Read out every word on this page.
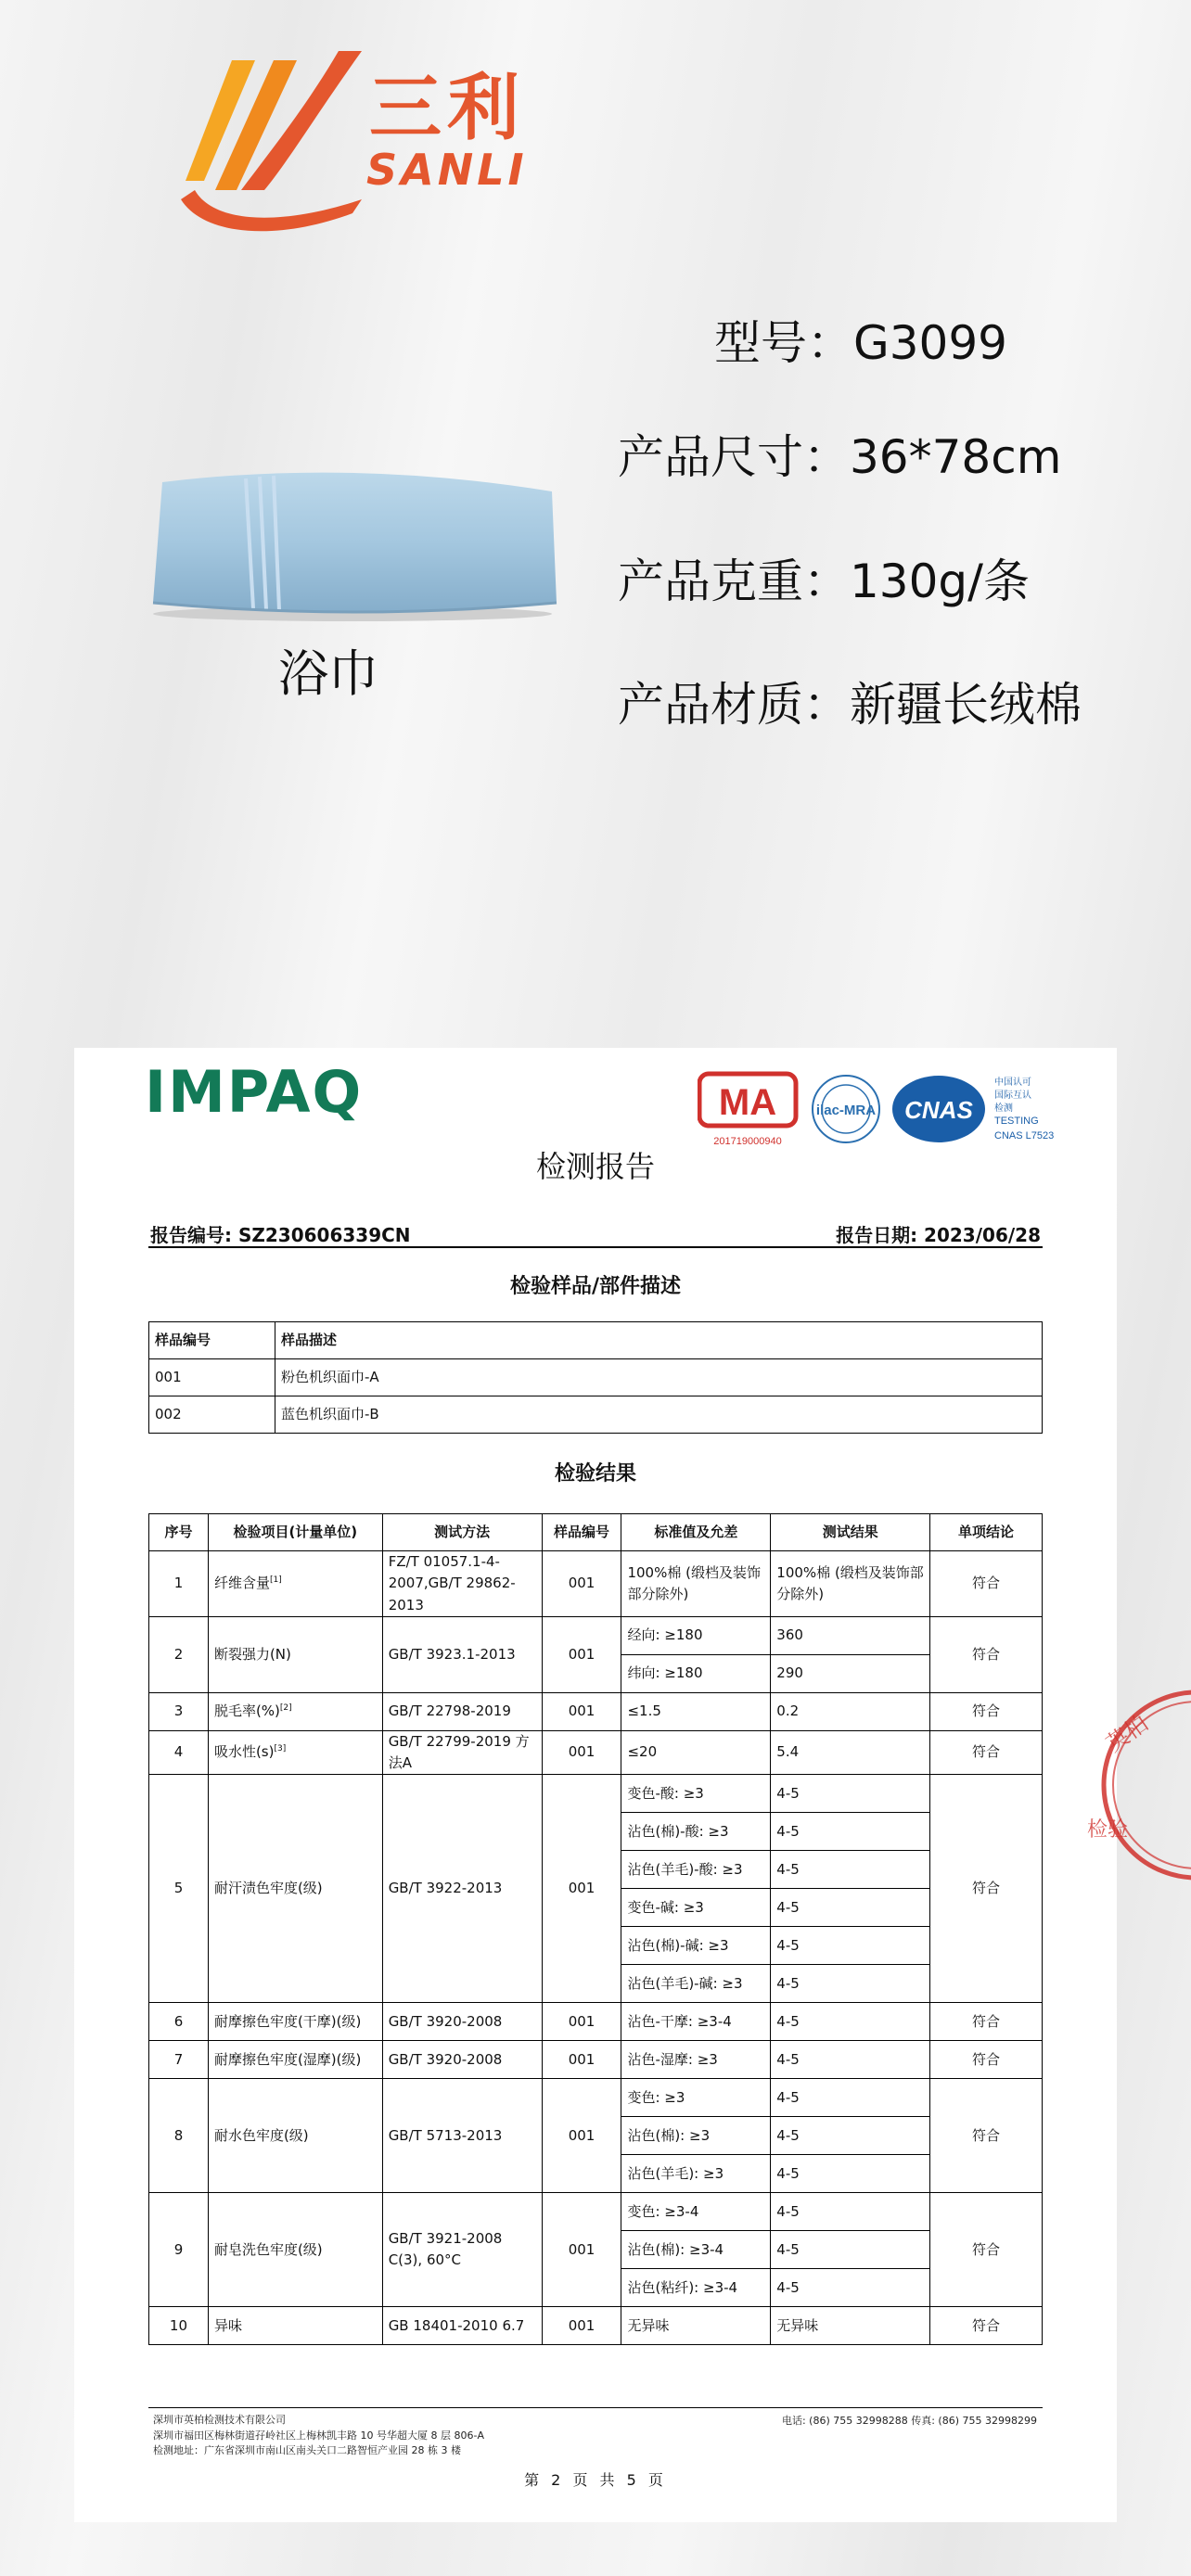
三利
SANLI
浴巾
型号：G3099
产品尺寸：36*78cm
产品克重：130g/条
产品材质：新疆长绒棉
IMPAQ	MA
201719000940
ilac-MRA CNAS
中国认可
国际互认
检测
TESTING
CNAS L7523
检测报告
报告编号: SZ230606339CN	报告日期: 2023/06/28
检验样品/部件描述
样品编号	样品描述
001	粉色机织面巾-A
002	蓝色机织面巾-B
检验结果
序号	检验项目(计量单位)	测试方法	样品编号	标准值及允差	测试结果	单项结论
1	纤维含量[1]	FZ/T 01057.1-4-2007,GB/T 29862-2013	001	100%棉 (缎档及装饰部分除外)	100%棉 (缎档及装饰部分除外)	符合
2	断裂强力(N)	GB/T 3923.1-2013	001	经向: ≥180	360	符合
				纬向: ≥180	290	
3	脱毛率(%)[2]	GB/T 22798-2019	001	≤1.5	0.2	符合
4	吸水性(s)[3]	GB/T 22799-2019 方法A	001	≤20	5.4	符合
5	耐汗渍色牢度(级)	GB/T 3922-2013	001	变色-酸: ≥3	4-5	符合
				沾色(棉)-酸: ≥3	4-5	
				沾色(羊毛)-酸: ≥3	4-5	
				变色-碱: ≥3	4-5	
				沾色(棉)-碱: ≥3	4-5	
				沾色(羊毛)-碱: ≥3	4-5	
6	耐摩擦色牢度(干摩)(级)	GB/T 3920-2008	001	沾色-干摩: ≥3-4	4-5	符合
7	耐摩擦色牢度(湿摩)(级)	GB/T 3920-2008	001	沾色-湿摩: ≥3	4-5	符合
8	耐水色牢度(级)	GB/T 5713-2013	001	变色: ≥3	4-5	符合
				沾色(棉): ≥3	4-5	
				沾色(羊毛): ≥3	4-5	
9	耐皂洗色牢度(级)	GB/T 3921-2008 C(3), 60°C	001	变色: ≥3-4	4-5	符合
				沾色(棉): ≥3-4	4-5	
				沾色(粘纤): ≥3-4	4-5	
10	异味	GB 18401-2010 6.7	001	无异味	无异味	符合
深圳市英柏检测技术有限公司
深圳市福田区梅林街道孖岭社区上梅林凯丰路 10 号华超大厦 8 层 806-A
检测地址：广东省深圳市南山区南头关口二路智恒产业园 28 栋 3 楼
电话: (86) 755 32998288 传真: (86) 755 32998299
第 2 页 共 5 页
英柏
检验
